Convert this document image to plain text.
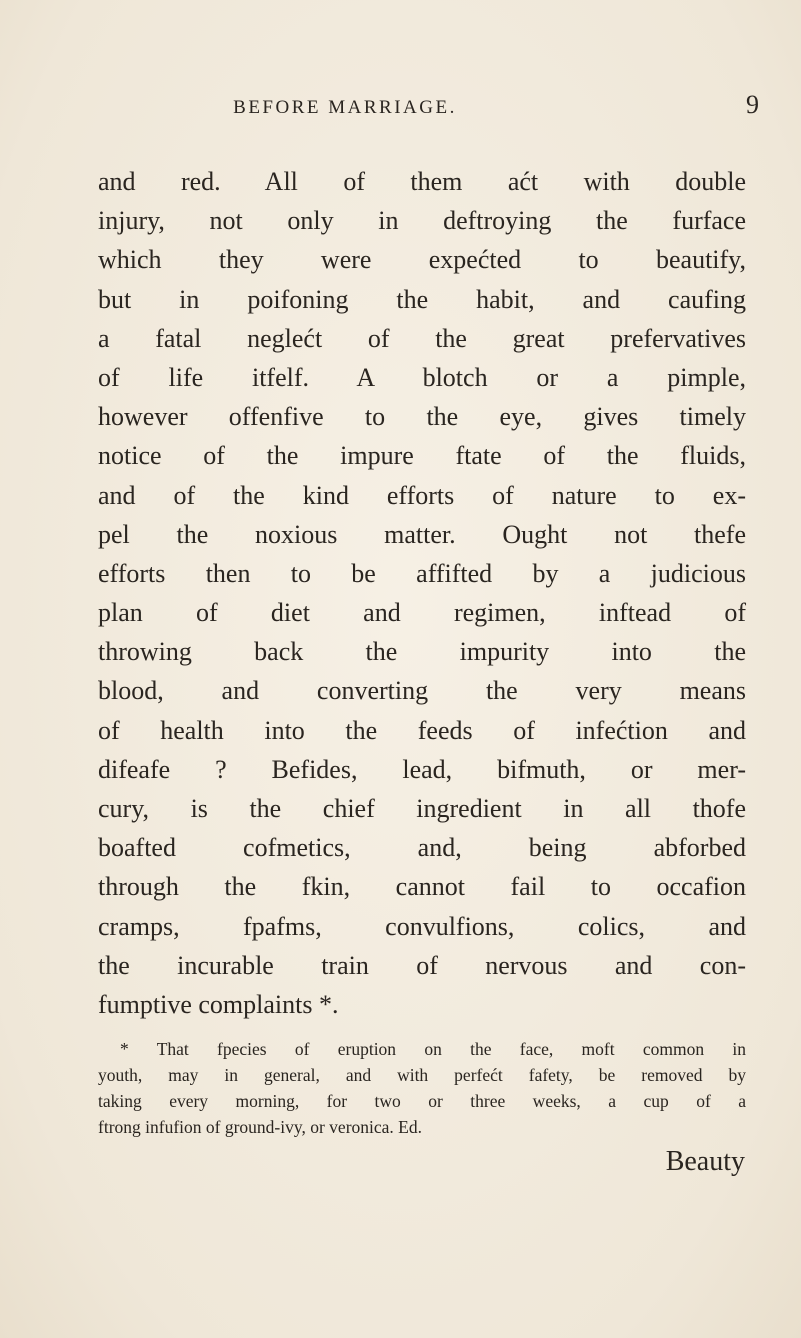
BEFORE MARRIAGE.	9
and red. All of them aćt with double
injury, not only in deftroying the furface
which they were expećted to beautify,
but in poifoning the habit, and caufing
a fatal neglećt of the great prefervatives
of life itfelf. A blotch or a pimple,
however offenfive to the eye, gives timely
notice of the impure ftate of the fluids,
and of the kind efforts of nature to ex-
pel the noxious matter. Ought not thefe
efforts then to be affifted by a judicious
plan of diet and regimen, inftead of
throwing back the impurity into the
blood, and converting the very means
of health into the feeds of infećtion and
difeafe ? Befides, lead, bifmuth, or mer-
cury, is the chief ingredient in all thofe
boafted cofmetics, and, being abforbed
through the fkin, cannot fail to occafion
cramps, fpafms, convulfions, colics, and
the incurable train of nervous and con-
fumptive complaints *.
* That fpecies of eruption on the face, moft common in
youth, may in general, and with perfećt fafety, be removed by
taking every morning, for two or three weeks, a cup of a
ftrong infufion of ground-ivy, or veronica. Ed.
Beauty
